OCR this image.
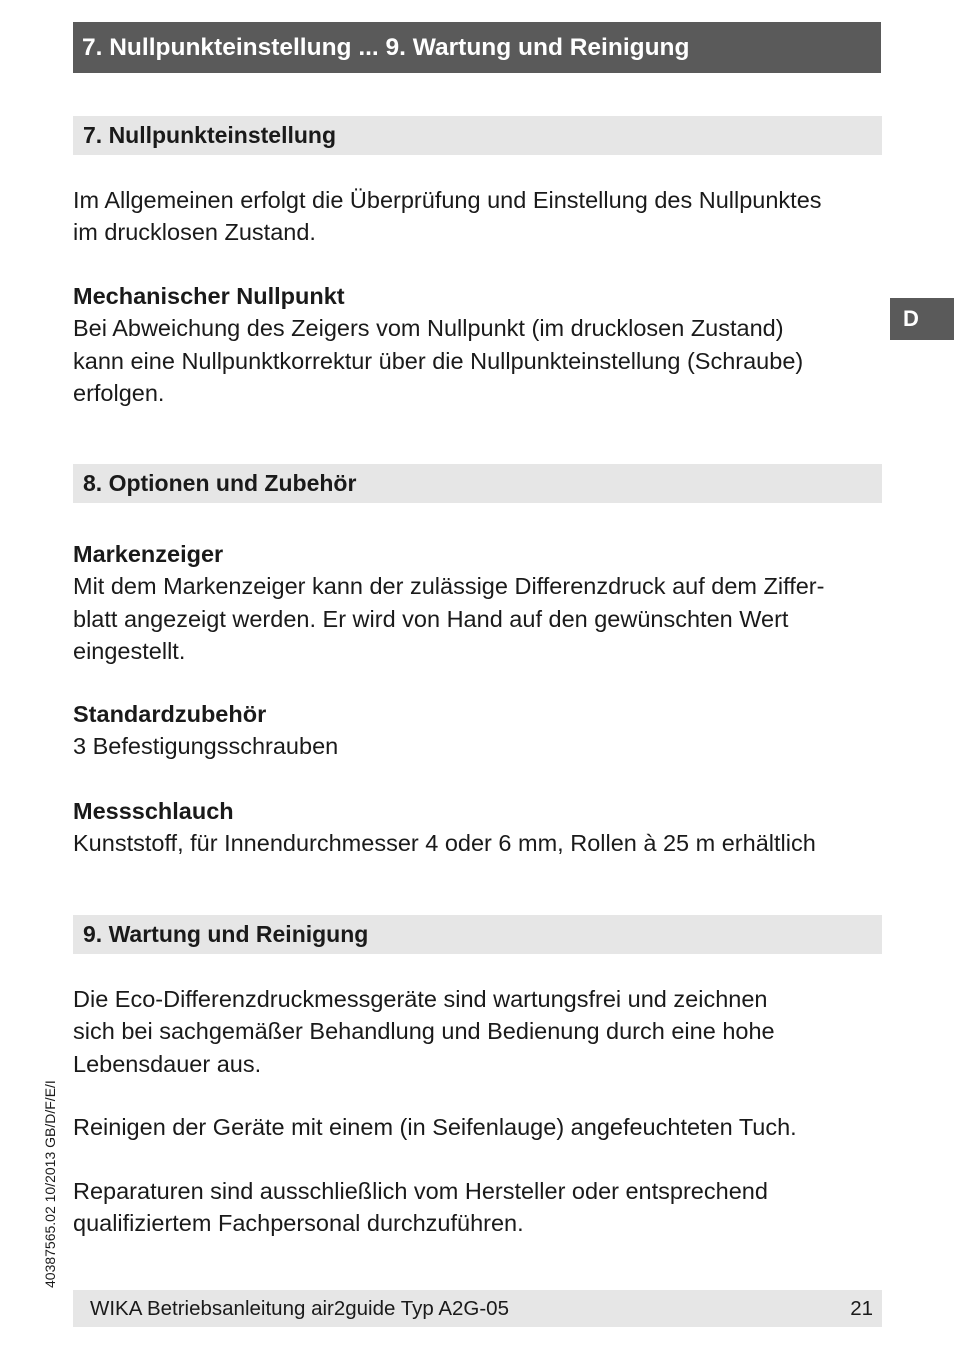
7. Nullpunkteinstellung ... 9. Wartung und Reinigung
D
7. Nullpunkteinstellung
Im Allgemeinen erfolgt die Überprüfung und Einstellung des Nullpunktes
im drucklosen Zustand.
Mechanischer Nullpunkt
Bei Abweichung des Zeigers vom Nullpunkt (im drucklosen Zustand)
kann eine Nullpunktkorrektur über die Nullpunkteinstellung (Schraube)
erfolgen.
8. Optionen und Zubehör
Markenzeiger
Mit dem Markenzeiger kann der zulässige Differenzdruck auf dem Ziffer-
blatt angezeigt werden. Er wird von Hand auf den gewünschten Wert
eingestellt.
Standardzubehör
3 Befestigungsschrauben
Messschlauch
Kunststoff, für Innendurchmesser 4 oder 6 mm, Rollen à 25 m erhältlich
9. Wartung und Reinigung
Die Eco-Differenzdruckmessgeräte sind wartungsfrei und zeichnen
sich bei sachgemäßer Behandlung und Bedienung durch eine hohe
Lebensdauer aus.
Reinigen der Geräte mit einem (in Seifenlauge) angefeuchteten Tuch.
Reparaturen sind ausschließlich vom Hersteller oder entsprechend
qualifiziertem Fachpersonal durchzuführen.
40387565.02 10/2013 GB/D/F/E/I
WIKA Betriebsanleitung air2guide Typ A2G-05	21
